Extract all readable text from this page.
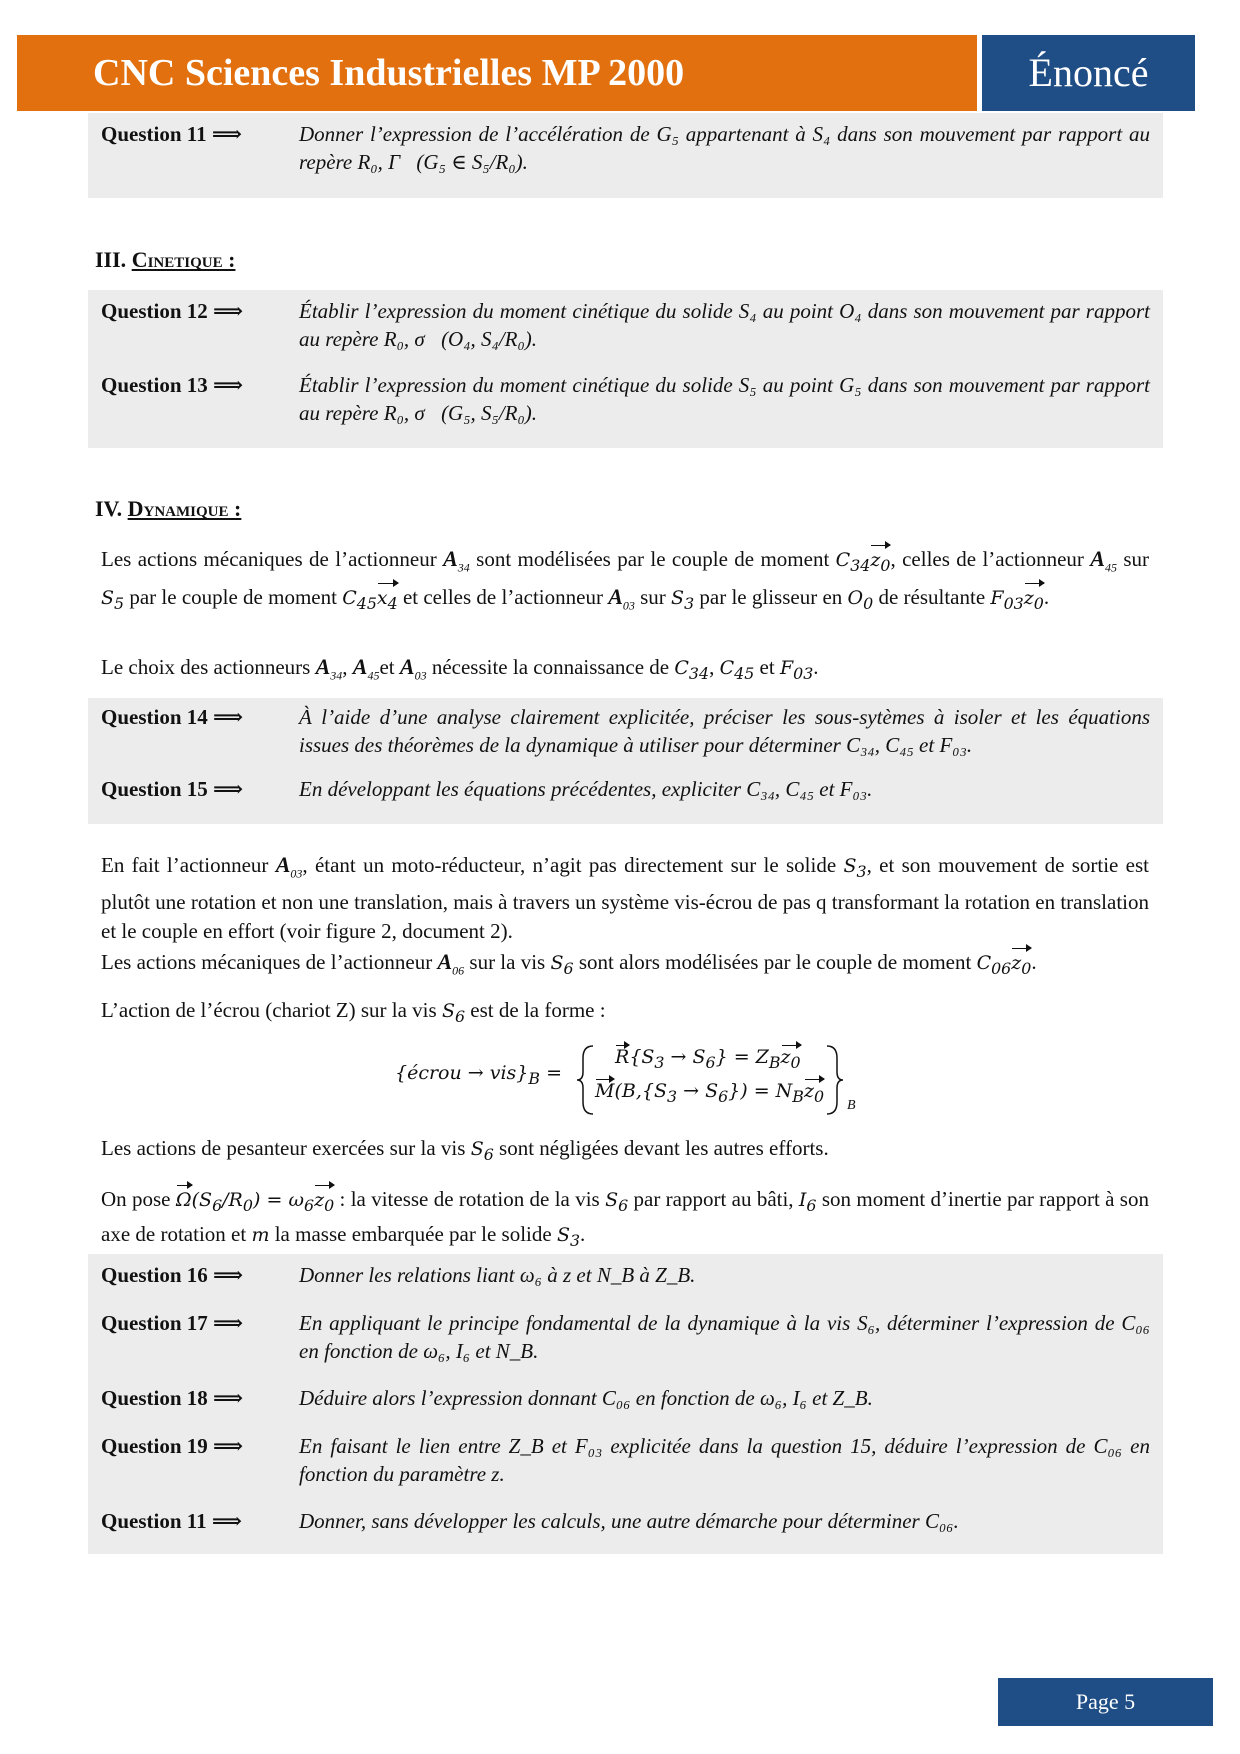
CNC Sciences Industrielles MP 2000	Énoncé
Question 11 ⟹	Donner l’expression de l’accélération de G₅ appartenant à S₄ dans son mouvement par rapport au repère R₀, Γ⃗(G₅ ∈ S₅/R₀).
III. Cinetique :
Question 12 ⟹	Établir l’expression du moment cinétique du solide S₄ au point O₄ dans son mouvement par rapport au repère R₀, σ⃗(O₄, S₄/R₀).
Question 13 ⟹	Établir l’expression du moment cinétique du solide S₅ au point G₅ dans son mouvement par rapport au repère R₀, σ⃗(G₅, S₅/R₀).
IV. Dynamique :
Les actions mécaniques de l’actionneur $A_{34}$ sont modélisées par le couple de moment $C_{34}z_0$, celles de l’actionneur $A_{45}$ sur $S_5$ par le couple de moment $C_{45}x_4$ et celles de l’actionneur $A_{03}$ sur $S_3$ par le glisseur en $O_0$ de résultante $F_{03}z_0$.
Le choix des actionneurs $A_{34}$, $A_{45}et$ $A_{03}$ nécessite la connaissance de $C_{34}$, $C_{45}$ et $F_{03}$.
Question 14 ⟹	À l’aide d’une analyse clairement explicitée, préciser les sous-sytèmes à isoler et les équations issues des théorèmes de la dynamique à utiliser pour déterminer C₃₄, C₄₅ et F₀₃.
Question 15 ⟹	En développant les équations précédentes, expliciter C₃₄, C₄₅ et F₀₃.
En fait l’actionneur $A_{03}$, étant un moto-réducteur, n’agit pas directement sur le solide $S_3$, et son mouvement de sortie est plutôt une rotation et non une translation, mais à travers un système vis-écrou de pas q transformant la rotation en translation et le couple en effort (voir figure 2, document 2).
Les actions mécaniques de l’actionneur $A_{06}$ sur la vis $S_6$ sont alors modélisées par le couple de moment $C_{06}z_0$.
L’action de l’écrou (chariot Z) sur la vis $S_6$ est de la forme :
{écrou → $vis\}_B$ =
$R\{S_3 \to S_6\} = Z_Bz_0$
$M(B,\{S_3 \to S_6\}) = N_Bz_0$ B
Les actions de pesanteur exercées sur la vis $S_6$ sont négligées devant les autres efforts.
On pose $\Omega(S_6/R_0) = \omega_6z_0$ : la vitesse de rotation de la vis $S_6$ par rapport au bâti, $I_6$ son moment d’inertie par rapport à son axe de rotation et m la masse embarquée par le solide $S_3$.
Question 16 ⟹	Donner les relations liant ω₆ à z et N_B à Z_B.
Question 17 ⟹	En appliquant le principe fondamental de la dynamique à la vis S₆, déterminer l’expression de C₀₆ en fonction de ω₆, I₆ et N_B.
Question 18 ⟹	Déduire alors l’expression donnant C₀₆ en fonction de ω₆, I₆ et Z_B.
Question 19 ⟹	En faisant le lien entre Z_B et F₀₃ explicitée dans la question 15, déduire l’expression de C₀₆ en fonction du paramètre z.
Question 11 ⟹	Donner, sans développer les calculs, une autre démarche pour déterminer C₀₆.
Page 5
